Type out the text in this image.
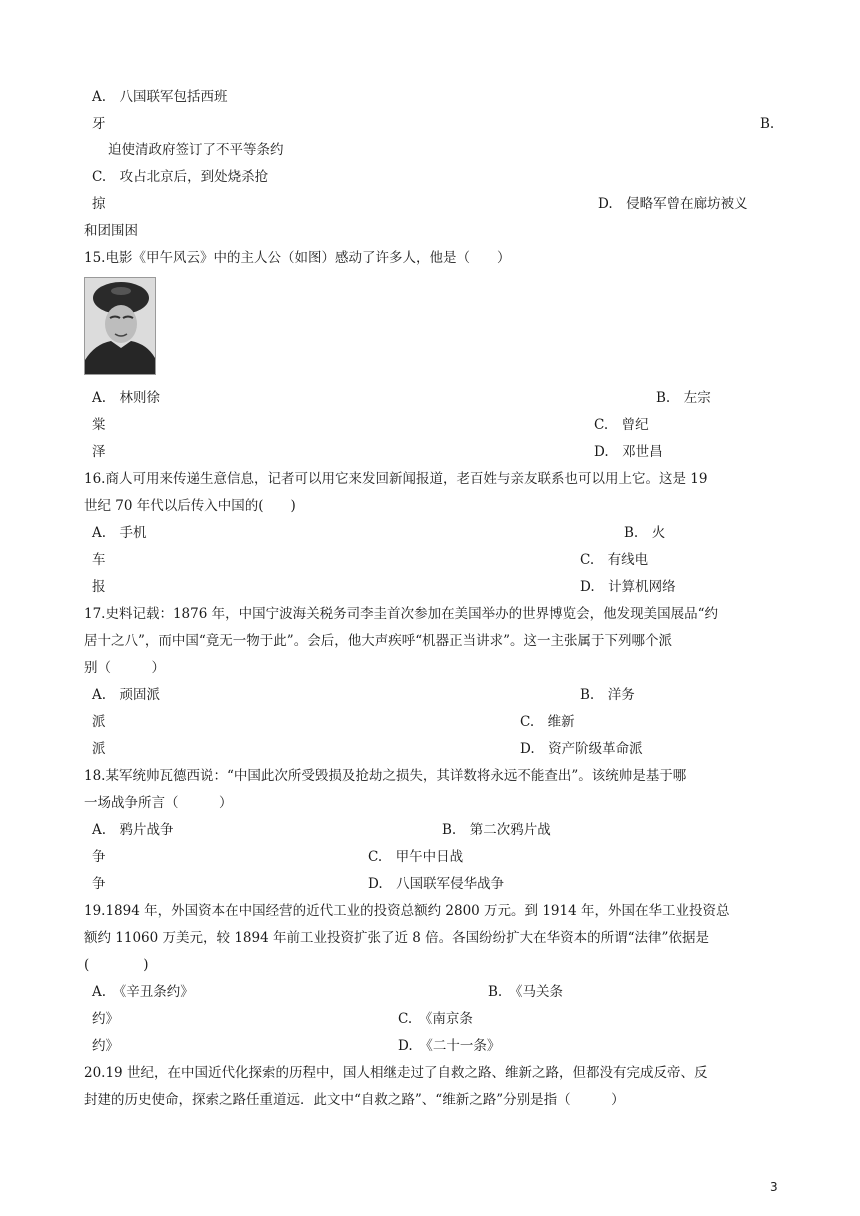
A.　八国联军包括西班
牙	B.
迫使清政府签订了不平等条约
C.　攻占北京后，到处烧杀抢
掠	D.　侵略军曾在廊坊被义
和团围困
15.电影《甲午风云》中的主人公（如图）感动了许多人，他是（　　）
A.　林则徐	B.　左宗
棠	C.　曾纪
泽	D.　邓世昌
16.商人可用来传递生意信息，记者可以用它来发回新闻报道，老百姓与亲友联系也可以用上它。这是 19
世纪 70 年代以后传入中国的(　　)
A.　手机	B.　火
车	C.　有线电
报	D.　计算机网络
17.史料记载：1876 年，中国宁波海关税务司李圭首次参加在美国举办的世界博览会，他发现美国展品“约
居十之八”，而中国“竟无一物于此”。会后，他大声疾呼“机器正当讲求”。这一主张属于下列哪个派
别（　　　）
A.　顽固派	B.　洋务
派	C.　维新
派	D.　资产阶级革命派
18.某军统帅瓦德西说：“中国此次所受毁损及抢劫之损失，其详数将永远不能查出”。该统帅是基于哪
一场战争所言（　　　）
A.　鸦片战争	B.　第二次鸦片战
争	C.　甲午中日战
争	D.　八国联军侵华战争
19.1894 年，外国资本在中国经营的近代工业的投资总额约 2800 万元。到 1914 年，外国在华工业投资总
额约 11060 万美元，较 1894 年前工业投资扩张了近 8 倍。各国纷纷扩大在华资本的所谓“法律”依据是
(　　　　)
A.　《辛丑条约》	B.　《马关条
约》	C.　《南京条
约》	D.　《二十一条》
20.19 世纪，在中国近代化探索的历程中，国人相继走过了自救之路、维新之路，但都没有完成反帝、反
封建的历史使命，探索之路任重道远．此文中“自救之路”、“维新之路”分别是指（　　　）
3
